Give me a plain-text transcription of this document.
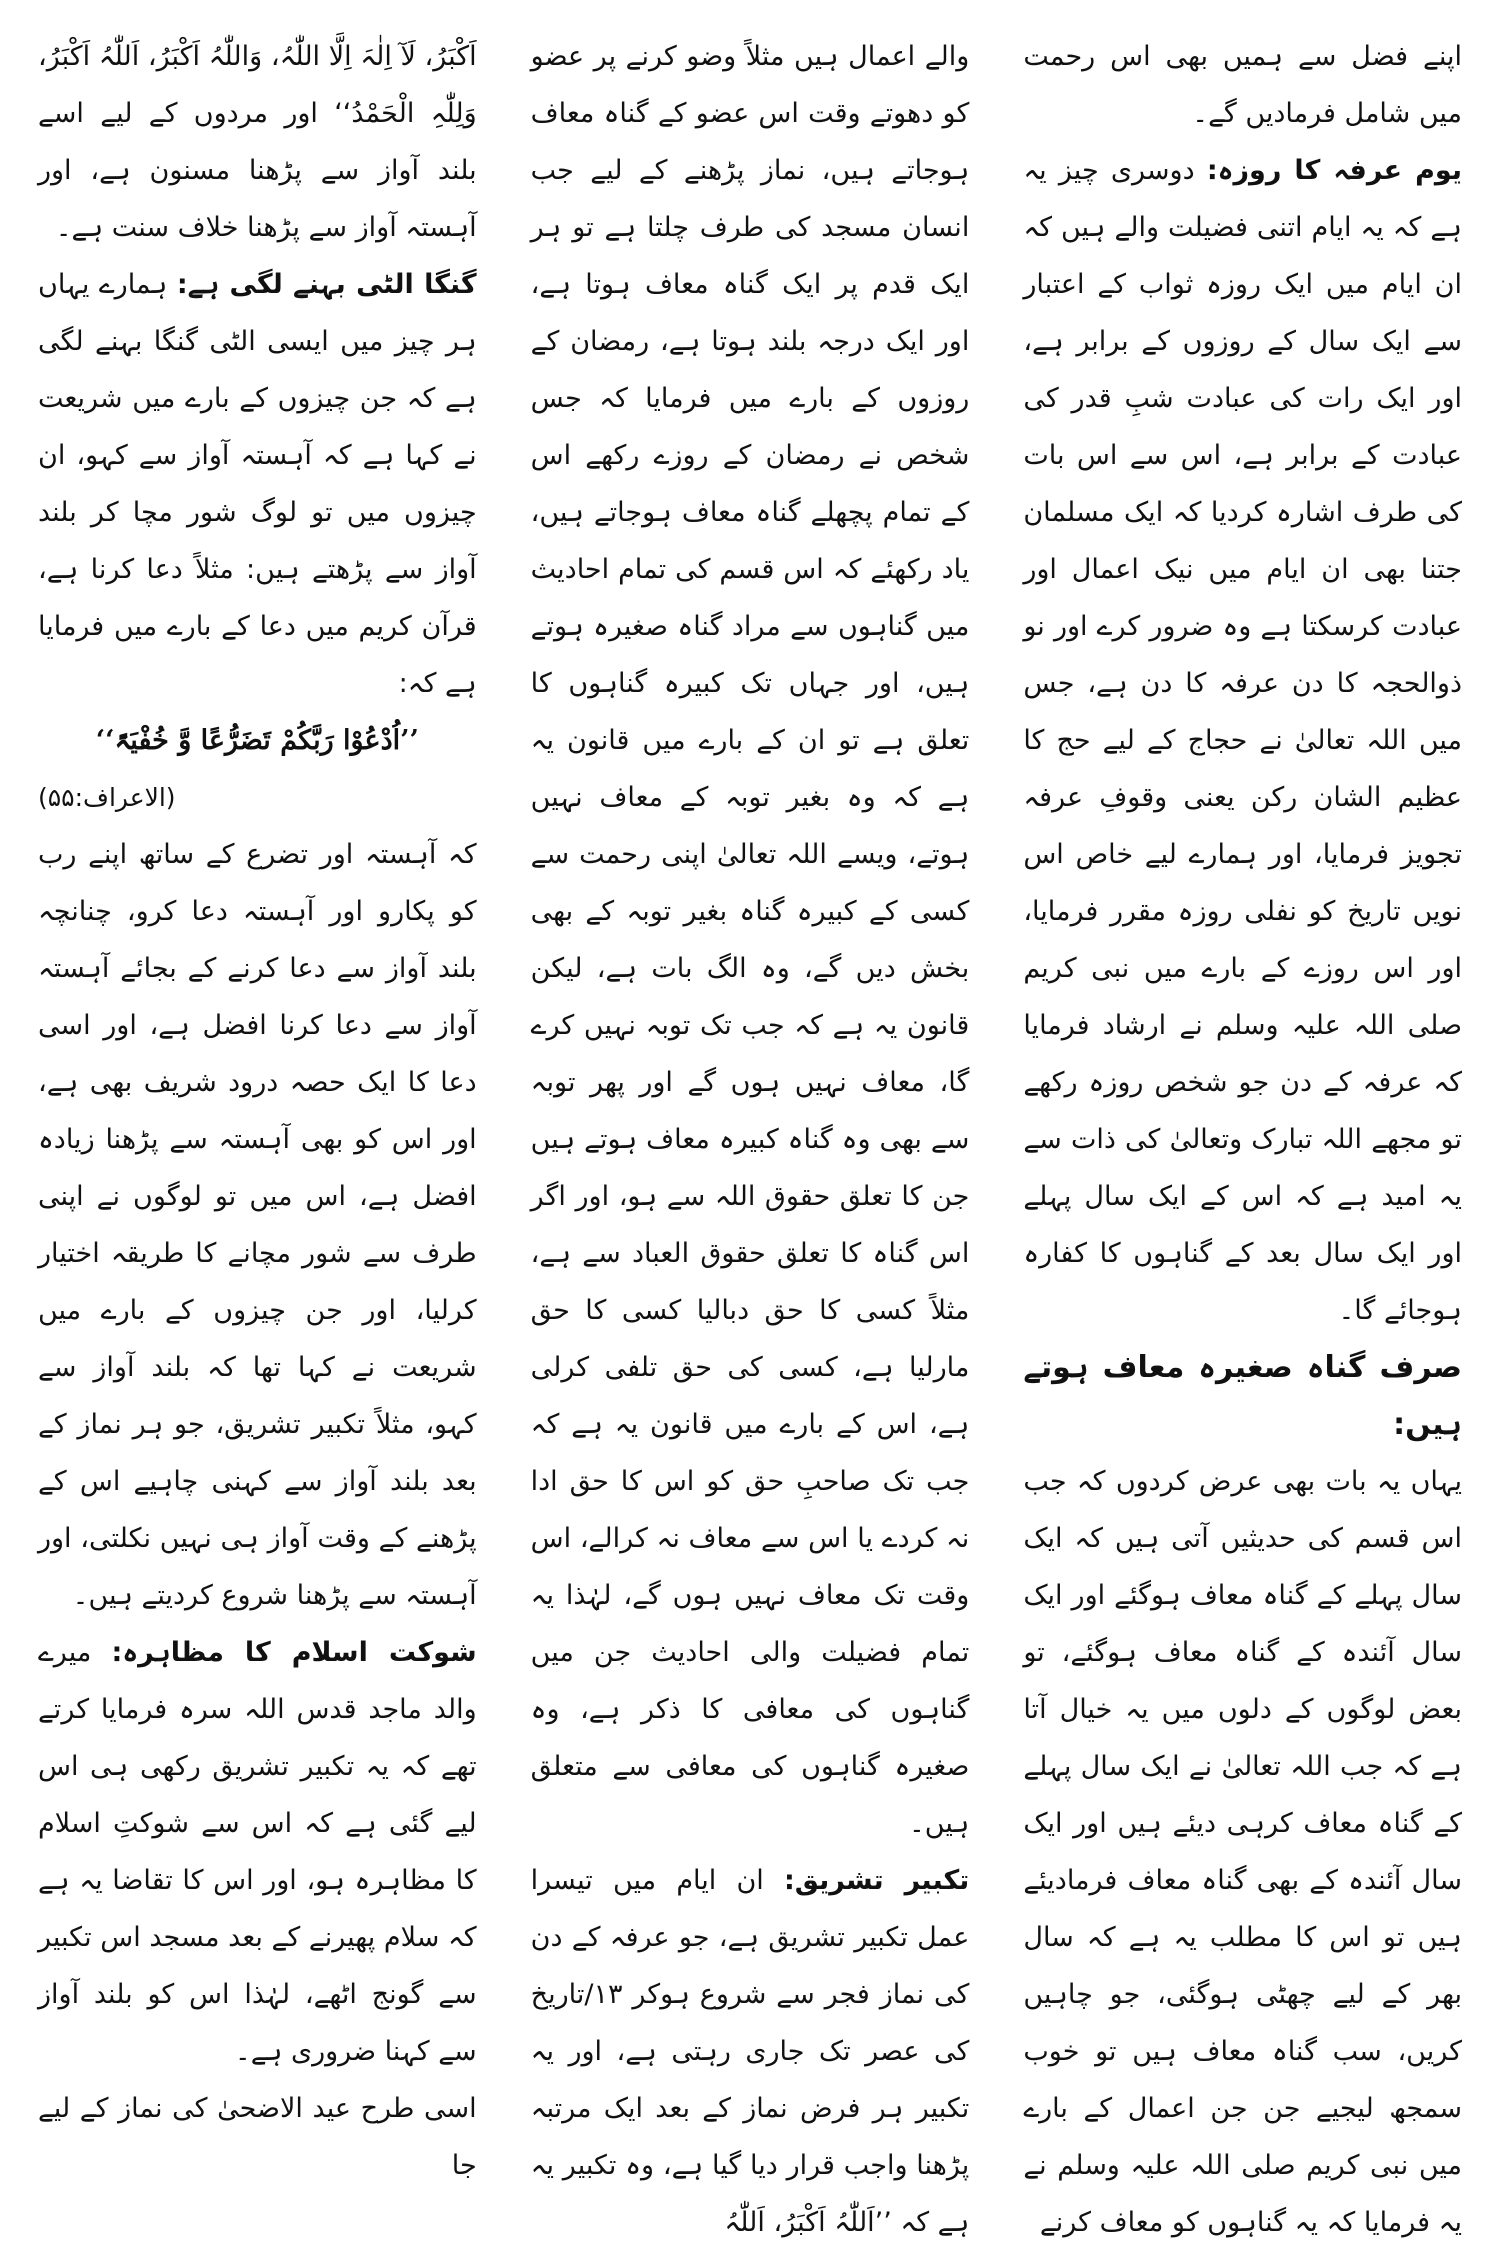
اپنے فضل سے ہمیں بھی اس رحمت میں شامل فرمادیں گے۔

یوم عرفہ کا روزہ: دوسری چیز یہ ہے کہ یہ ایام اتنی فضیلت والے ہیں کہ ان ایام میں ایک روزہ ثواب کے اعتبار سے ایک سال کے روزوں کے برابر ہے، اور ایک رات کی عبادت شبِ قدر کی عبادت کے برابر ہے، اس سے اس بات کی طرف اشارہ کردیا کہ ایک مسلمان جتنا بھی ان ایام میں نیک اعمال اور عبادت کرسکتا ہے وہ ضرور کرے اور نو ذوالحجہ کا دن عرفہ کا دن ہے، جس میں اللہ تعالیٰ نے حجاج کے لیے حج کا عظیم الشان رکن یعنی وقوفِ عرفہ تجویز فرمایا، اور ہمارے لیے خاص اس نویں تاریخ کو نفلی روزہ مقرر فرمایا، اور اس روزے کے بارے میں نبی کریم صلی اللہ علیہ وسلم نے ارشاد فرمایا کہ عرفہ کے دن جو شخص روزہ رکھے تو مجھے اللہ تبارک وتعالیٰ کی ذات سے یہ امید ہے کہ اس کے ایک سال پہلے اور ایک سال بعد کے گناہوں کا کفارہ ہوجائے گا۔

صرف گناہ صغیرہ معاف ہوتے ہیں:

یہاں یہ بات بھی عرض کردوں کہ جب اس قسم کی حدیثیں آتی ہیں کہ ایک سال پہلے کے گناہ معاف ہوگئے اور ایک سال آئندہ کے گناہ معاف ہوگئے، تو بعض لوگوں کے دلوں میں یہ خیال آتا ہے کہ جب اللہ تعالیٰ نے ایک سال پہلے کے گناہ معاف کرہی دیئے ہیں اور ایک سال آئندہ کے بھی گناہ معاف فرمادیئے ہیں تو اس کا مطلب یہ ہے کہ سال بھر کے لیے چھٹی ہوگئی، جو چاہیں کریں، سب گناہ معاف ہیں تو خوب سمجھ لیجیے جن جن اعمال کے بارے میں نبی کریم صلی اللہ علیہ وسلم نے یہ فرمایا کہ یہ گناہوں کو معاف کرنے

والے اعمال ہیں مثلاً وضو کرنے پر عضو کو دھوتے وقت اس عضو کے گناہ معاف ہوجاتے ہیں، نماز پڑھنے کے لیے جب انسان مسجد کی طرف چلتا ہے تو ہر ایک قدم پر ایک گناہ معاف ہوتا ہے، اور ایک درجہ بلند ہوتا ہے، رمضان کے روزوں کے بارے میں فرمایا کہ جس شخص نے رمضان کے روزے رکھے اس کے تمام پچھلے گناہ معاف ہوجاتے ہیں، یاد رکھئے کہ اس قسم کی تمام احادیث میں گناہوں سے مراد گناہ صغیرہ ہوتے ہیں، اور جہاں تک کبیرہ گناہوں کا تعلق ہے تو ان کے بارے میں قانون یہ ہے کہ وہ بغیر توبہ کے معاف نہیں ہوتے، ویسے اللہ تعالیٰ اپنی رحمت سے کسی کے کبیرہ گناہ بغیر توبہ کے بھی بخش دیں گے، وہ الگ بات ہے، لیکن قانون یہ ہے کہ جب تک توبہ نہیں کرے گا، معاف نہیں ہوں گے اور پھر توبہ سے بھی وہ گناہ کبیرہ معاف ہوتے ہیں جن کا تعلق حقوق اللہ سے ہو، اور اگر اس گناہ کا تعلق حقوق العباد سے ہے، مثلاً کسی کا حق دبالیا کسی کا حق مارلیا ہے، کسی کی حق تلفی کرلی ہے، اس کے بارے میں قانون یہ ہے کہ جب تک صاحبِ حق کو اس کا حق ادا نہ کردے یا اس سے معاف نہ کرالے، اس وقت تک معاف نہیں ہوں گے، لہٰذا یہ تمام فضیلت والی احادیث جن میں گناہوں کی معافی کا ذکر ہے، وہ صغیرہ گناہوں کی معافی سے متعلق ہیں۔

تکبیر تشریق: ان ایام میں تیسرا عمل تکبیر تشریق ہے، جو عرفہ کے دن کی نماز فجر سے شروع ہوکر ۱۳/تاریخ کی عصر تک جاری رہتی ہے، اور یہ تکبیر ہر فرض نماز کے بعد ایک مرتبہ پڑھنا واجب قرار دیا گیا ہے، وہ تکبیر یہ ہے کہ ’’اَللّٰہُ اَکْبَرُ، اَللّٰہُ

اَکْبَرُ، لَآ اِلٰہَ اِلَّا اللّٰہُ، وَاللّٰہُ اَکْبَرُ، اَللّٰہُ اَکْبَرُ، وَلِلّٰہِ الْحَمْدُ‘‘ اور مردوں کے لیے اسے بلند آواز سے پڑھنا مسنون ہے، اور آہستہ آواز سے پڑھنا خلاف سنت ہے۔

گنگا الٹی بہنے لگی ہے: ہمارے یہاں ہر چیز میں ایسی الٹی گنگا بہنے لگی ہے کہ جن چیزوں کے بارے میں شریعت نے کہا ہے کہ آہستہ آواز سے کہو، ان چیزوں میں تو لوگ شور مچا کر بلند آواز سے پڑھتے ہیں: مثلاً دعا کرنا ہے، قرآن کریم میں دعا کے بارے میں فرمایا ہے کہ:

’’اُدْعُوْا رَبَّکُمْ تَضَرُّعًا وَّ خُفْیَۃً‘‘
(الاعراف:۵۵)

کہ آہستہ اور تضرع کے ساتھ اپنے رب کو پکارو اور آہستہ دعا کرو، چنانچہ بلند آواز سے دعا کرنے کے بجائے آہستہ آواز سے دعا کرنا افضل ہے، اور اسی دعا کا ایک حصہ درود شریف بھی ہے، اور اس کو بھی آہستہ سے پڑھنا زیادہ افضل ہے، اس میں تو لوگوں نے اپنی طرف سے شور مچانے کا طریقہ اختیار کرلیا، اور جن چیزوں کے بارے میں شریعت نے کہا تھا کہ بلند آواز سے کہو، مثلاً تکبیر تشریق، جو ہر نماز کے بعد بلند آواز سے کہنی چاہیے اس کے پڑھنے کے وقت آواز ہی نہیں نکلتی، اور آہستہ سے پڑھنا شروع کردیتے ہیں۔

شوکت اسلام کا مظاہرہ: میرے والد ماجد قدس اللہ سرہ فرمایا کرتے تھے کہ یہ تکبیر تشریق رکھی ہی اس لیے گئی ہے کہ اس سے شوکتِ اسلام کا مظاہرہ ہو، اور اس کا تقاضا یہ ہے کہ سلام پھیرنے کے بعد مسجد اس تکبیر سے گونج اٹھے، لہٰذا اس کو بلند آواز سے کہنا ضروری ہے۔

اسی طرح عید الاضحیٰ کی نماز کے لیے جا
